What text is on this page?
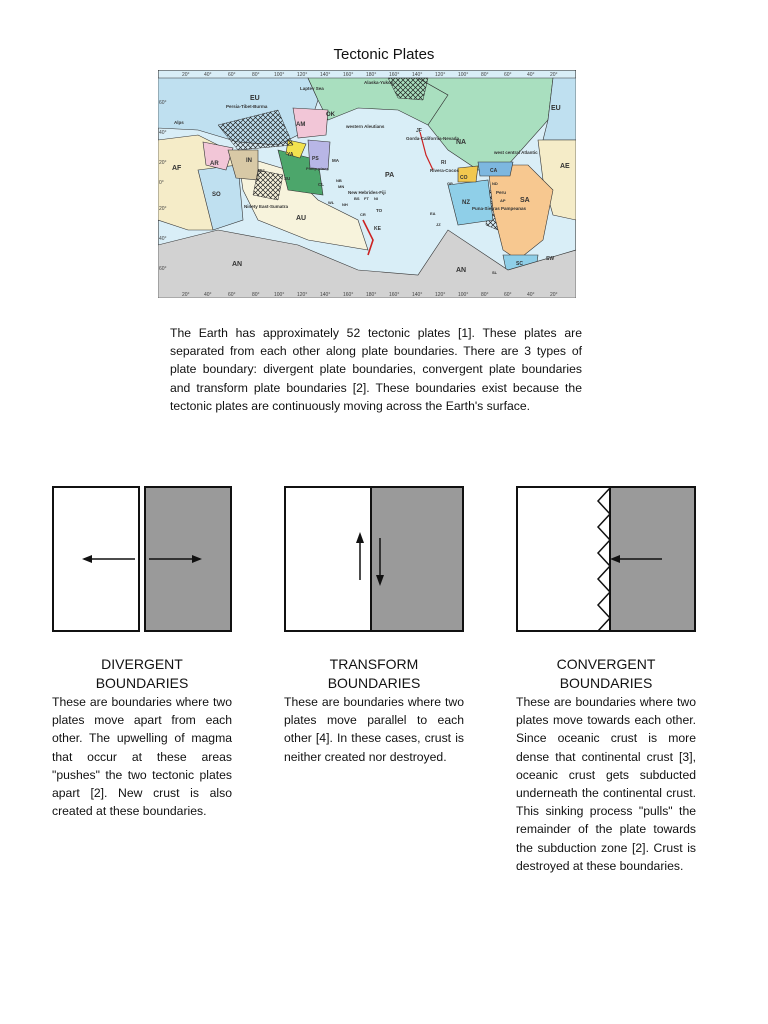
Tectonic Plates
20°	40°	60°	80°	100°	120°	140°	160°	180°	160°	140°	120°	100°	80°	60°	40°	20°
20°	40°	60°	80°	100°	120°	140°	160°	180°	160°	140°	120°	100°	80°	60°	40°	20°
60°
40°
20°
0°
20°
40°
60°
EU
EU
AF	AE
AN
AN
PA
NA
SA
AU
AM
IN
AR
SO
OK
YA
PS
NZ
CO
CA
SC
SW
KE
RI
JF
MA
SU
BU
CL
NH
TO
NI
BS	AP
GP	ND
EA
JZ
SL
NB
MN
WL
FT
CR
Laptev Sea
Persia-Tibet-Burma
Alps
Alaska-Yukon
western Aleutians
Gorda-California-Nevada
Rivera-Cocos
Philip-pines
New Hebrides-Fiji
Ninety East-Sumatra
west central Atlantic
Peru
Puna-Sierras Pampeanas
The Earth has approximately 52 tectonic plates [1]. These plates are separated from each other along plate boundaries. There are 3 types of plate boundary: divergent plate boundaries, convergent plate boundaries and transform plate boundaries [2]. These boundaries exist because the tectonic plates are continuously moving across the Earth's surface.
DIVERGENT
BOUNDARIES
TRANSFORM
BOUNDARIES
CONVERGENT
BOUNDARIES
These are boundaries where two plates move apart from each other. The upwelling of magma that occur at these areas "pushes" the two tectonic plates apart [2]. New crust is also created at these boundaries.
These are boundaries where two plates move parallel to each other [4]. In these cases, crust is neither created nor destroyed.
These are boundaries where two plates move towards each other. Since oceanic crust is more dense that continental crust [3], oceanic crust gets subducted underneath the continental crust. This sinking process "pulls" the remainder of the plate towards the subduction zone [2]. Crust is destroyed at these boundaries.
